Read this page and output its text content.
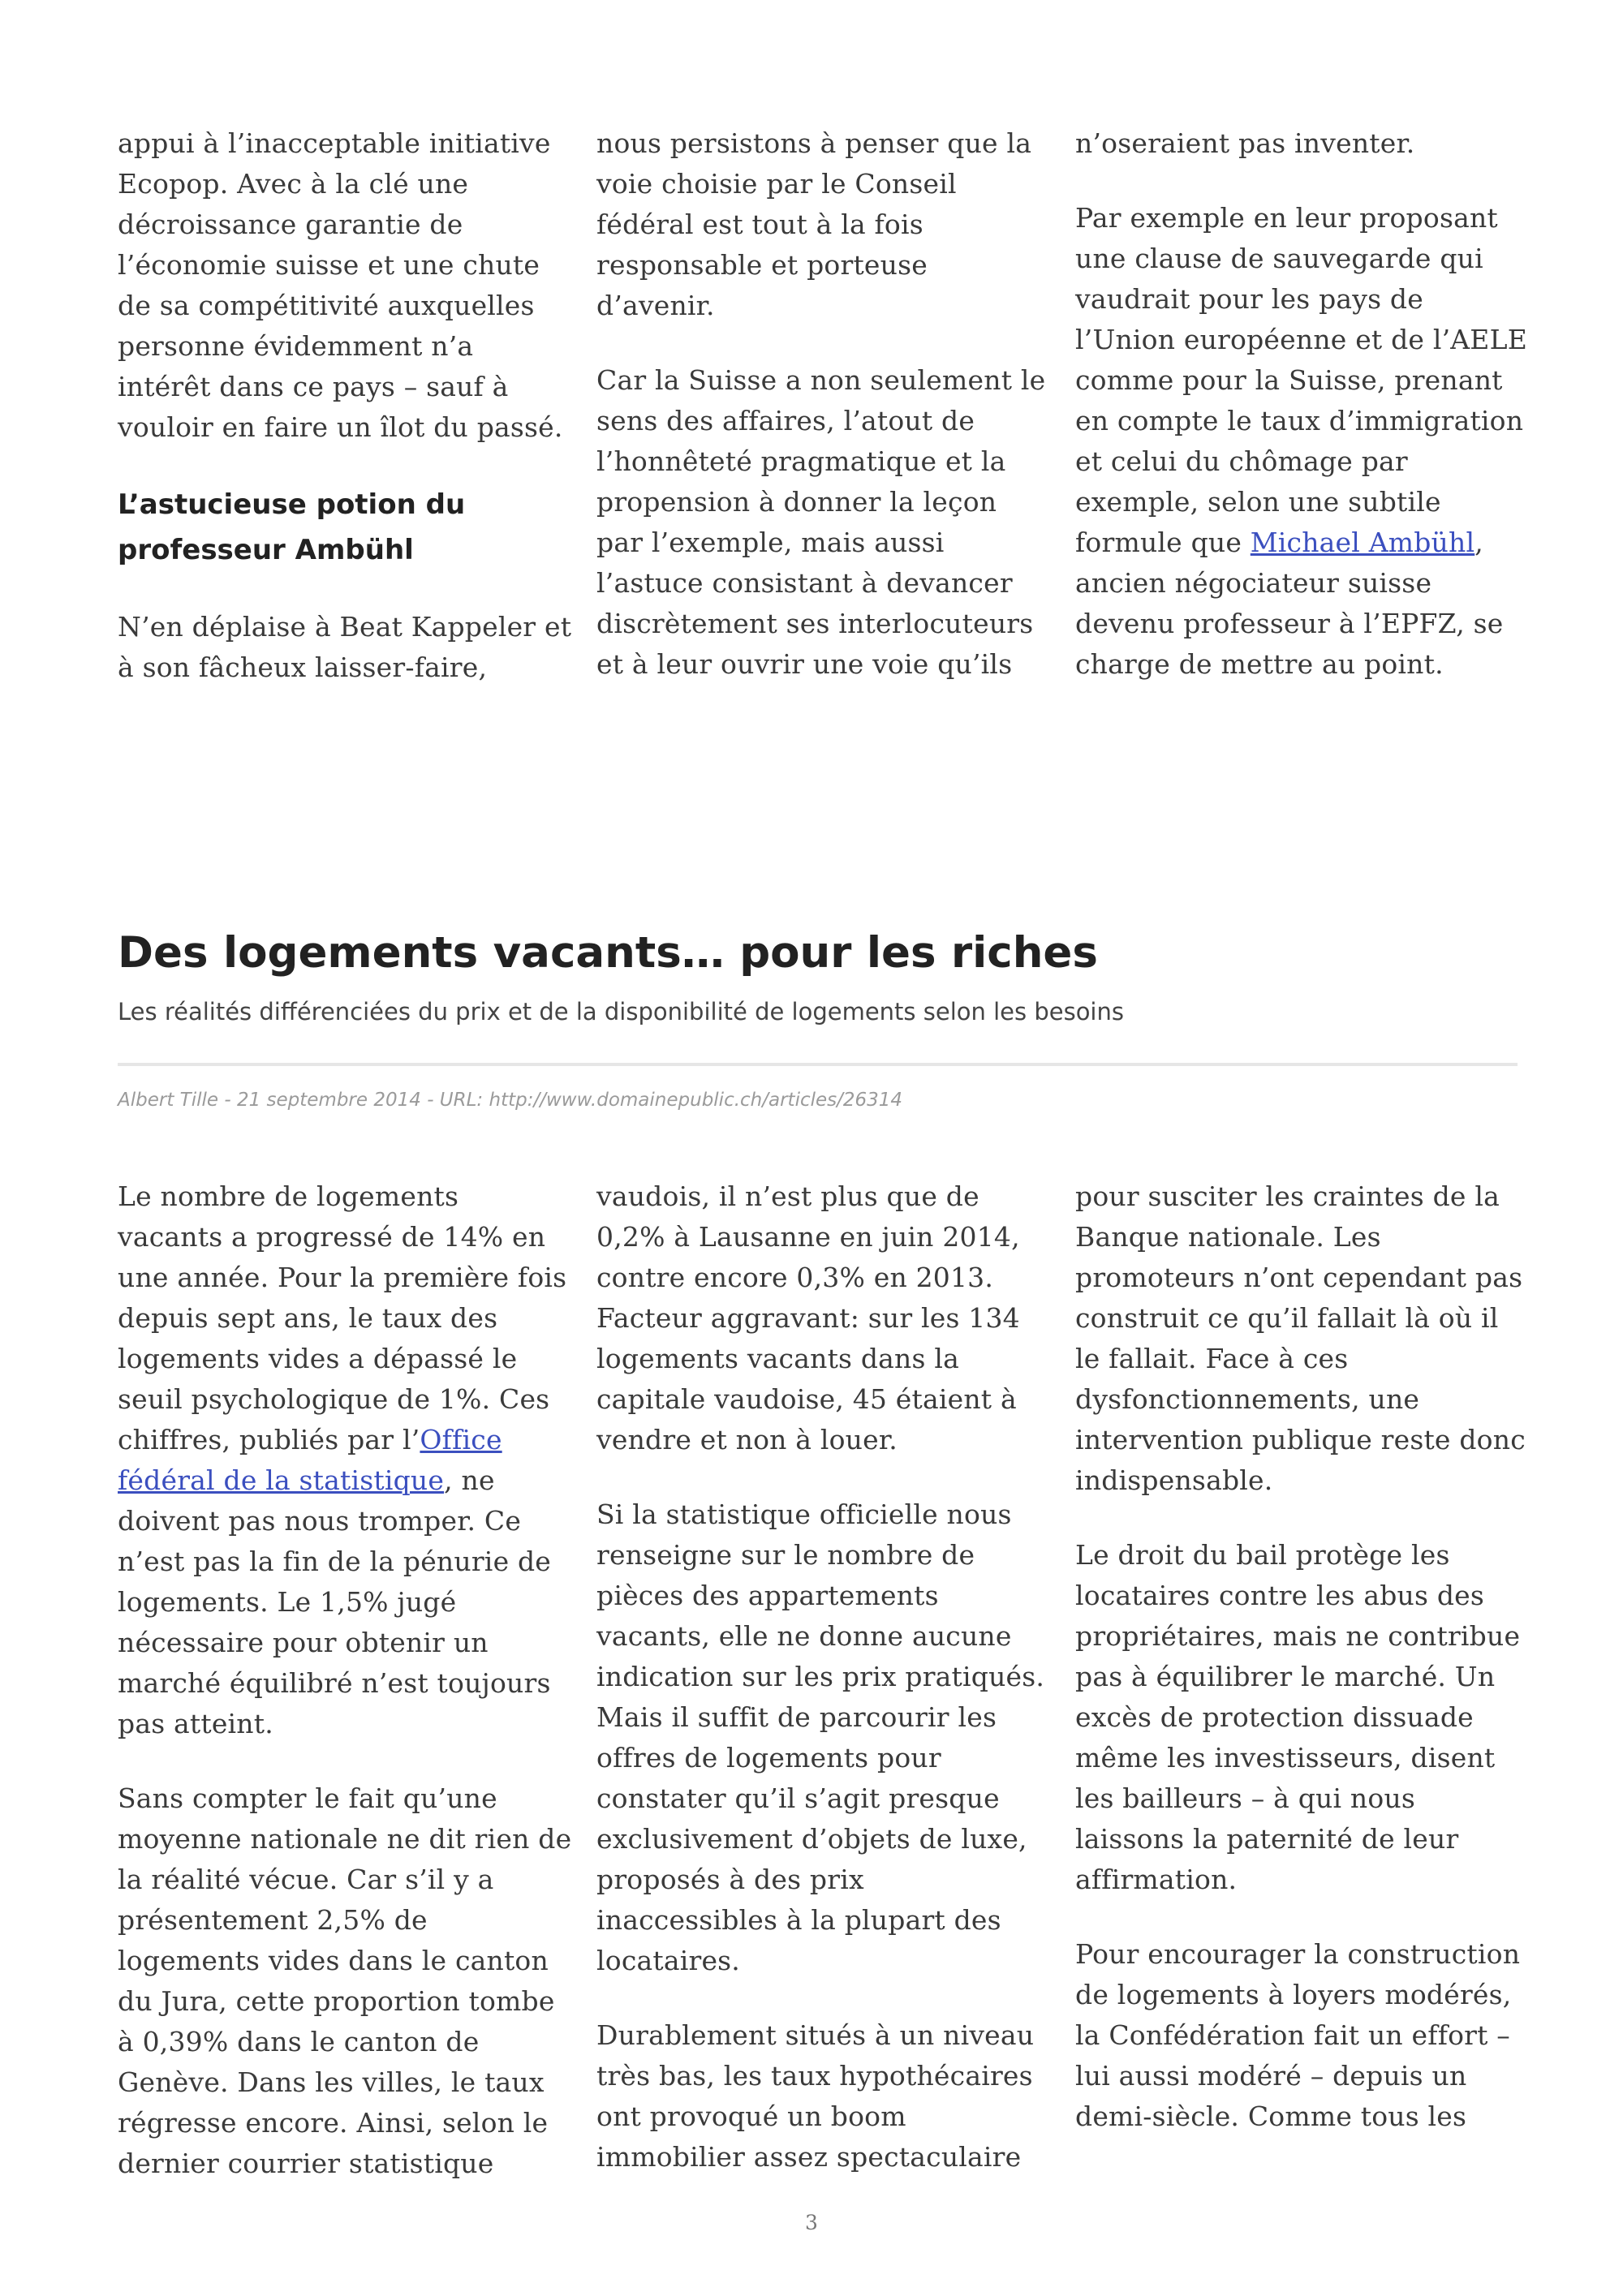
appui à l’inacceptable initiative Ecopop. Avec à la clé une décroissance garantie de l’économie suisse et une chute de sa compétitivité auxquelles personne évidemment n’a intérêt dans ce pays – sauf à vouloir en faire un îlot du passé.

L’astucieuse potion du professeur Ambühl

N’en déplaise à Beat Kappeler et à son fâcheux laisser-faire,

nous persistons à penser que la voie choisie par le Conseil fédéral est tout à la fois responsable et porteuse d’avenir.

Car la Suisse a non seulement le sens des affaires, l’atout de l’honnêteté pragmatique et la propension à donner la leçon par l’exemple, mais aussi l’astuce consistant à devancer discrètement ses interlocuteurs et à leur ouvrir une voie qu’ils

n’oseraient pas inventer.

Par exemple en leur proposant une clause de sauvegarde qui vaudrait pour les pays de l’Union européenne et de l’AELE comme pour la Suisse, prenant en compte le taux d’immigration et celui du chômage par exemple, selon une subtile formule que Michael Ambühl, ancien négociateur suisse devenu professeur à l’EPFZ, se charge de mettre au point.

Des logements vacants… pour les riches

Les réalités différenciées du prix et de la disponibilité de logements selon les besoins

Albert Tille - 21 septembre 2014 - URL: http://www.domainepublic.ch/articles/26314

Le nombre de logements vacants a progressé de 14% en une année. Pour la première fois depuis sept ans, le taux des logements vides a dépassé le seuil psychologique de 1%. Ces chiffres, publiés par l’Office fédéral de la statistique, ne doivent pas nous tromper. Ce n’est pas la fin de la pénurie de logements. Le 1,5% jugé nécessaire pour obtenir un marché équilibré n’est toujours pas atteint.

Sans compter le fait qu’une moyenne nationale ne dit rien de la réalité vécue. Car s’il y a présentement 2,5% de logements vides dans le canton du Jura, cette proportion tombe à 0,39% dans le canton de Genève. Dans les villes, le taux régresse encore. Ainsi, selon le dernier courrier statistique

vaudois, il n’est plus que de 0,2% à Lausanne en juin 2014, contre encore 0,3% en 2013. Facteur aggravant: sur les 134 logements vacants dans la capitale vaudoise, 45 étaient à vendre et non à louer.

Si la statistique officielle nous renseigne sur le nombre de pièces des appartements vacants, elle ne donne aucune indication sur les prix pratiqués. Mais il suffit de parcourir les offres de logements pour constater qu’il s’agit presque exclusivement d’objets de luxe, proposés à des prix inaccessibles à la plupart des locataires.

Durablement situés à un niveau très bas, les taux hypothécaires ont provoqué un boom immobilier assez spectaculaire

pour susciter les craintes de la Banque nationale. Les promoteurs n’ont cependant pas construit ce qu’il fallait là où il le fallait. Face à ces dysfonctionnements, une intervention publique reste donc indispensable.

Le droit du bail protège les locataires contre les abus des propriétaires, mais ne contribue pas à équilibrer le marché. Un excès de protection dissuade même les investisseurs, disent les bailleurs – à qui nous laissons la paternité de leur affirmation.

Pour encourager la construction de logements à loyers modérés, la Confédération fait un effort – lui aussi modéré – depuis un demi-siècle. Comme tous les

3
